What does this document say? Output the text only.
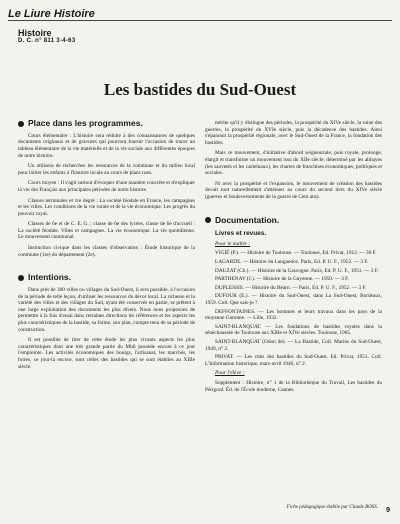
Le Liure Histoire
Histoire
D. C. n° 811 3-4-63
Les bastides du Sud-Ouest
Place dans les programmes.

Cours élémentaire : L'histoire sera réduite à des connaissances de quelques documents originaux et de gravures qui pourront fournir l'occasion de tracer un tableau élémentaire de la vie matérielle et de la vie sociale aux différentes époques de notre histoire.

Un utilisera de recherches les ressources de la commune et du milieu local pour initier les enfants à l'histoire locale au cours de plans rues.

Cours moyen : Il s'agit surtout d'évoquer d'une manière concrète et d'expliquer la vie des Français aux principales périodes de notre histoire.

Classes terminales et 1re degré : La société féodale en France, les campagnes et les villes. Les conditions de la vie rurale et de la vie économique. Les progrès du pouvoir royal.

Classes de 6e et de C. E. G. ; classe de 6e des lycées, classe de 6e d'accueil : La société féodale. Villes et campagnes. La vie économique. La vie quotidienne. Le mouvement communal.

Instruction civique dans les classes d'observation : Étude historique de la commune (1re) du département (2e).

Intentions.

Dans près de 300 villes ou villages du Sud-Ouest, il sera possible, à l'occasion de la période de telle leçon, d'utiliser les ressources du décor local. La richesse et la variété des villes et des villages du Sud, ayant été conservés en partie, se prêtent à une large exploitation des documents les plus divers. Nous nous proposons de permettre à la fois d'essai dans certaines directions les références et les aspects les plus caractéristiques de la bastide, sa forme, son plan, compte tenu de sa période de construction.

Il est possible de tirer de cette étude les plus vivants aspects les plus caractéristiques dont une très grande partie du Midi possède encore à ce jour l'empreinte. Les activités économiques des bourgs, l'artisanat, les marchés, les foires, ce jour-là encore, sont celles des bastides qui se sont établies au XIIIe siècle.

mérite qu'il y distingue des périodes, la prospérité du XIVe siècle, la ruine des guerres, la prospérité du XVIe siècle, puis la décadence des bastides. Ainsi s'épanouit la prospérité régionale, avec le Sud-Ouest de la France, la fondation des bastides.

Mais ce mouvement, d'initiative d'abord seigneuriale, puis royale, prolonge, élargit et transforme un mouvement issu du XIIe siècle, déterminé par les abbayes (les sauvetés et les castelnaux), les chartes de franchises économiques, politiques et sociales.

Ni avec la prospérité et l'expansion, le mouvement de création des bastides devait tout naturellement s'atténuer au cours du second tiers du XIVe siècle (guerres et bouleversements de la guerre de Cent ans).

Documentation.
Livres et revues.
Pour le maître :
VIGIÉ (P.). — Histoire de Toulouse. — Toulouse, Ed. Privat, 1912. — 30 F.
LAGARDE. — Histoire du Languedoc. Paris, Ed. P. U. F., 1952. — 3 F.
DAUZAT (Ch.). — Histoire de la Gascogne. Paris, Ed. P. U. F., 1951. — 3 F.
PARTHENAY (J.). — Histoire de la Guyenne. — 1950. — 3 F.
DUPLESSIS. — Histoire du Béarn. — Paris, Ed. P. U. F., 1952. — 3 F.
DUFOUR (E.). — Histoire du Sud-Ouest, dans La Sud-Ouest, Bordeaux, 1959. Coll. Que sais-je ?
DEFFONTAINES. — Les hommes et leurs travaux dans les pays de la moyenne Garonne. — Lille, 1932.
SAINT-BLANQUAT. — Les fondations de bastides royales dans la sénéchaussée de Toulouse aux XIIIe et XIVe siècles. Toulouse, 1985.
SAINT-BLANQUAT (Odon de). — La Bastide, Coll. Marins du Sud-Ouest, 1949, n° 2.
PRIVAT. — Les cités des bastides du Sud-Ouest. Ed. Privat, 1951. Coll. L'Information historique, mars-avril 1946, n° 2.
Pour l'élève :
Supplément : Histoire, n° 1 de la Bibliothèque du Travail, Les bastides du Périgord. Éd. de l'École moderne, Cannes.
Fiche pédagogique établie par Claude BOSS. 9
